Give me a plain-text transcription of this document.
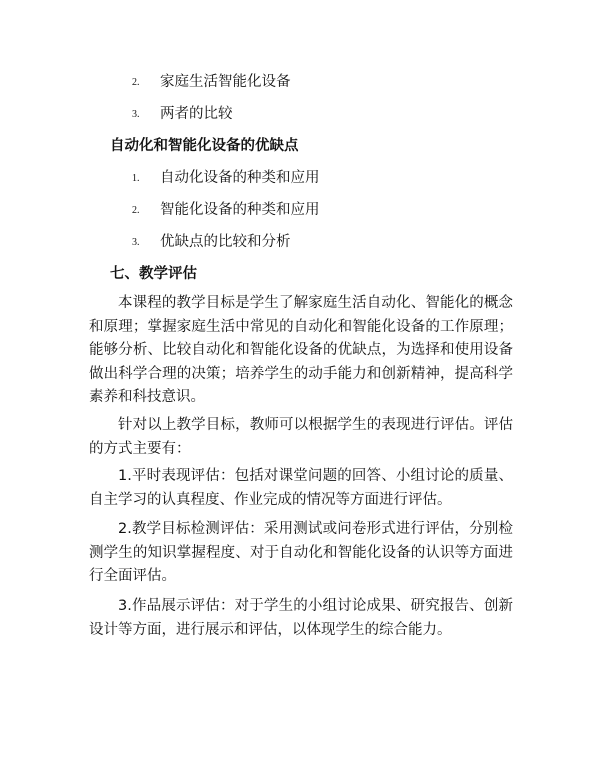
2. 家庭生活智能化设备
3. 两者的比较
自动化和智能化设备的优缺点
1. 自动化设备的种类和应用
2. 智能化设备的种类和应用
3. 优缺点的比较和分析
七、教学评估

本课程的教学目标是学生了解家庭生活自动化、智能化的概念和原理；掌握家庭生活中常见的自动化和智能化设备的工作原理；能够分析、比较自动化和智能化设备的优缺点，为选择和使用设备做出科学合理的决策；培养学生的动手能力和创新精神，提高科学素养和科技意识。

针对以上教学目标，教师可以根据学生的表现进行评估。评估的方式主要有：

1.平时表现评估：包括对课堂问题的回答、小组讨论的质量、自主学习的认真程度、作业完成的情况等方面进行评估。

2.教学目标检测评估：采用测试或问卷形式进行评估，分别检测学生的知识掌握程度、对于自动化和智能化设备的认识等方面进行全面评估。

3.作品展示评估：对于学生的小组讨论成果、研究报告、创新设计等方面，进行展示和评估，以体现学生的综合能力。
